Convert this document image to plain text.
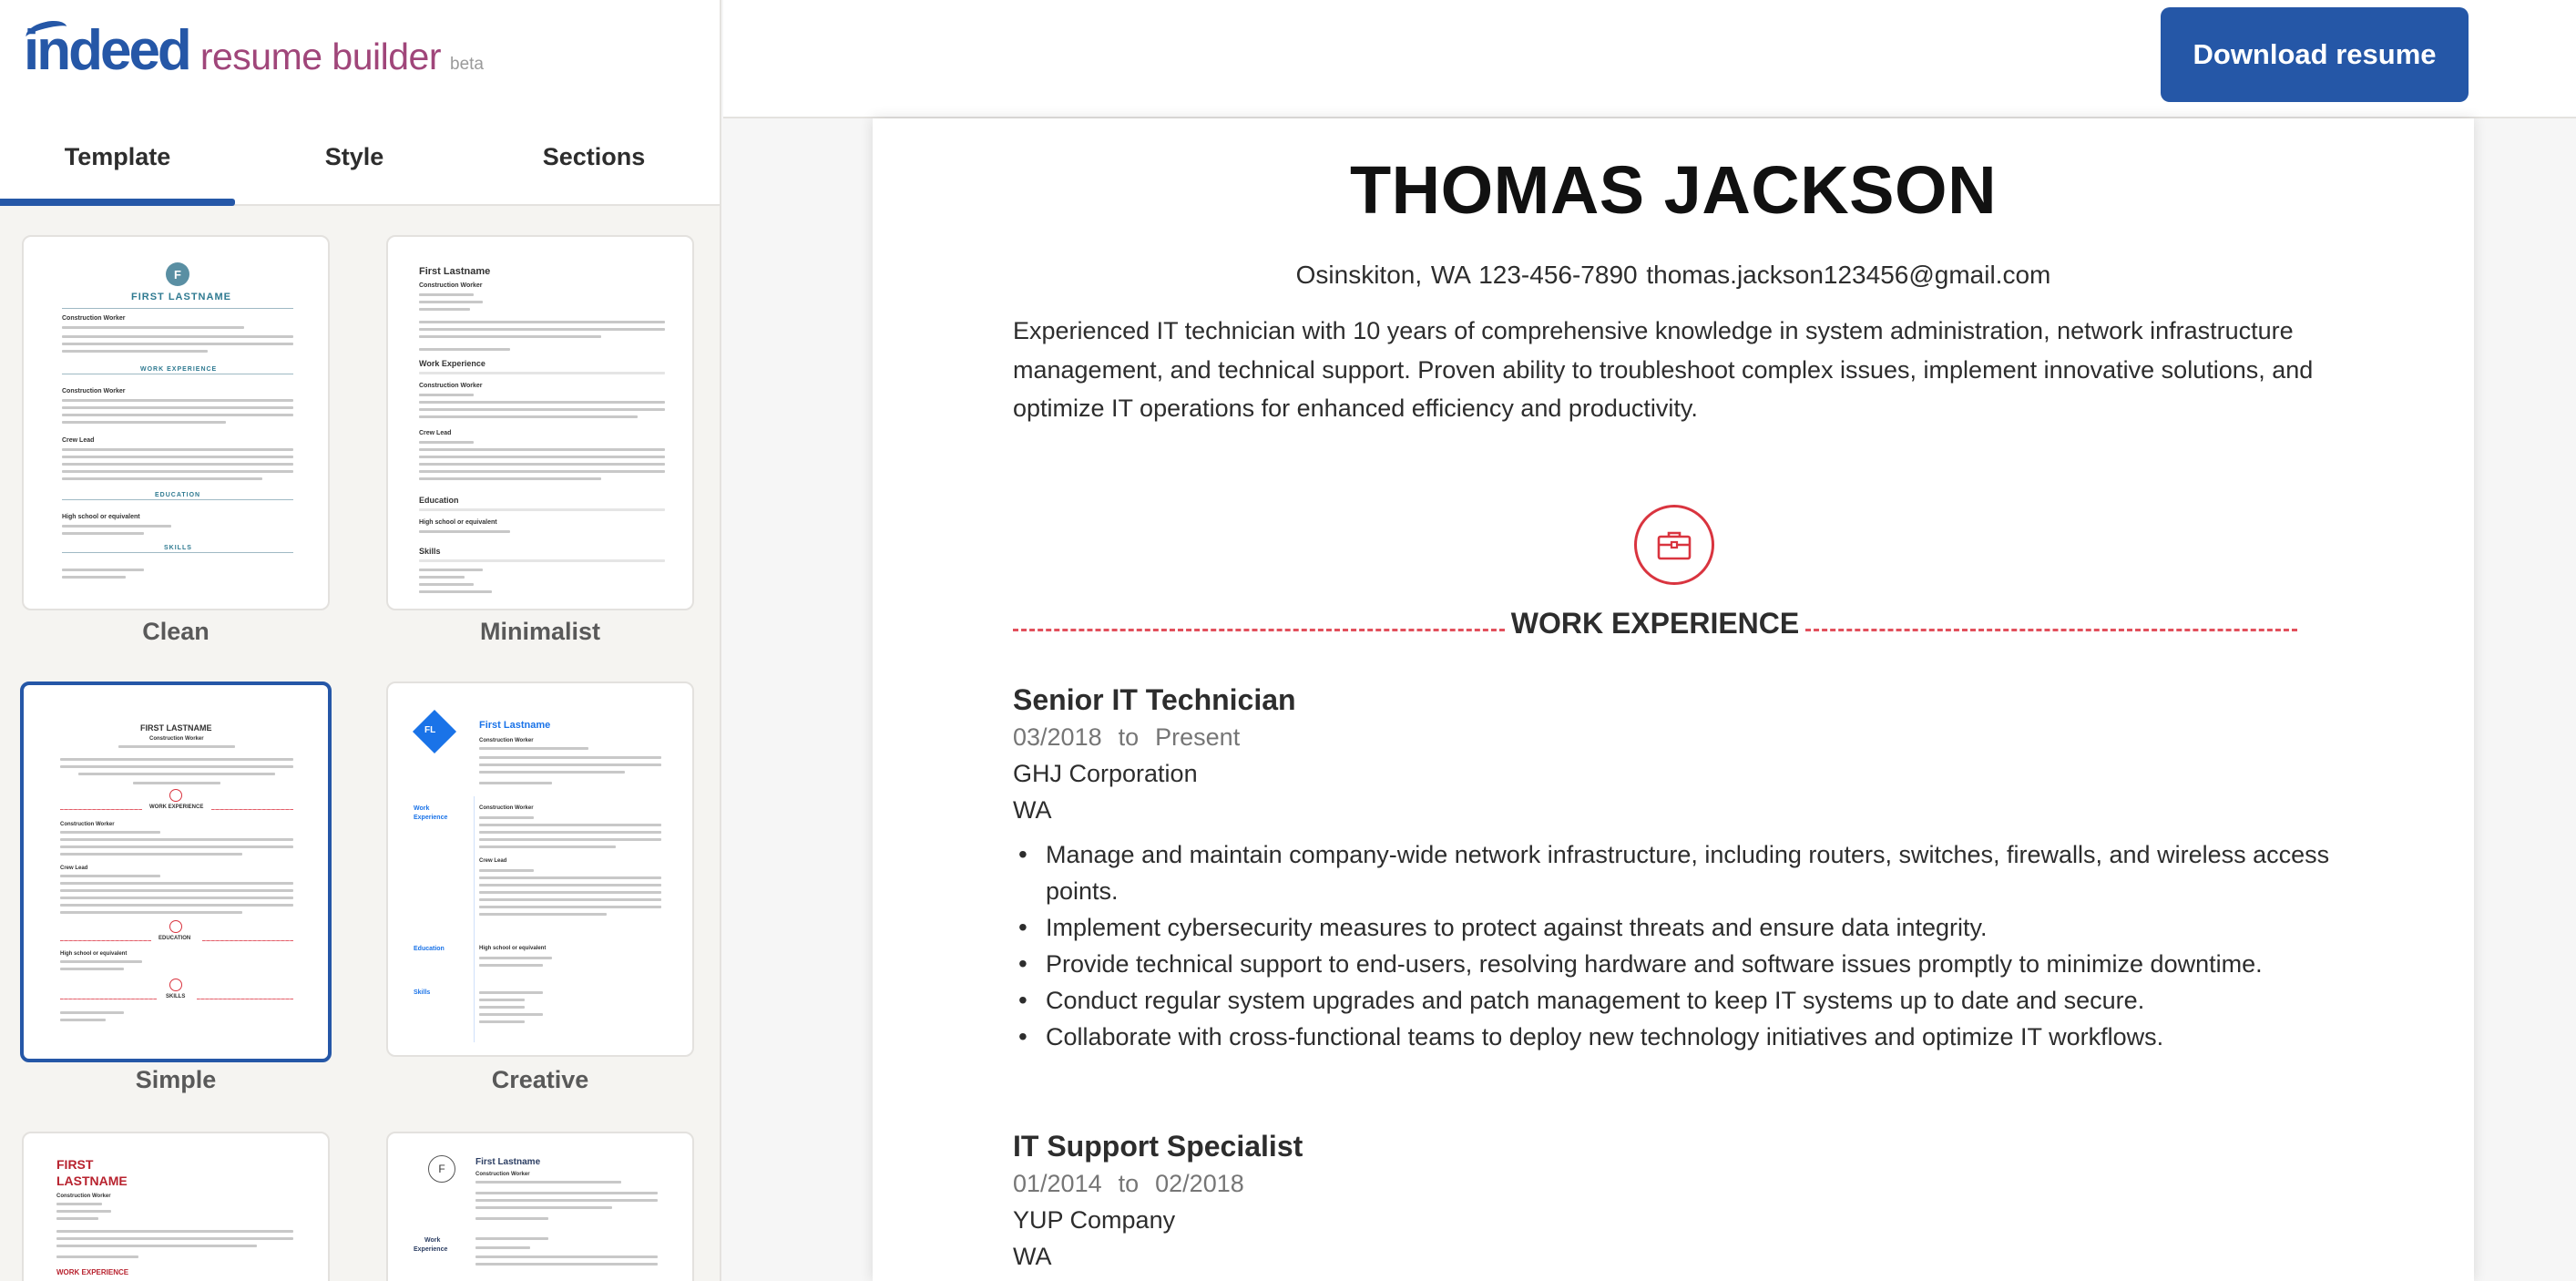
indeed resume builder beta
Template	Style	Sections
F
FIRST LASTNAME
Construction Worker
WORK EXPERIENCE
Construction Worker
Crew Lead
EDUCATION
High school or equivalent
SKILLS
Clean
First Lastname
Construction Worker
Work Experience
Construction Worker
Crew Lead
Education
High school or equivalent
Skills
Minimalist
FIRST LASTNAME
Construction Worker
WORK EXPERIENCE
Construction Worker
Crew Lead
EDUCATION
High school or equivalent
SKILLS
Simple
FL	First Lastname
Construction Worker
Work
Experience
Construction Worker
Crew Lead
Education	High school or equivalent
Skills
Creative
FIRST
LASTNAME
Construction Worker
WORK EXPERIENCE
F
First Lastname
Construction Worker
Work
Experience
Download resume
THOMAS JACKSON
Osinskiton, WA 123-456-7890 thomas.jackson123456@gmail.com

Experienced IT technician with 10 years of comprehensive knowledge in system administration, network infrastructure management, and technical support. Proven ability to troubleshoot complex issues, implement innovative solutions, and optimize IT operations for enhanced efficiency and productivity.

WORK EXPERIENCE
Senior IT Technician
03/2018 to Present
GHJ Corporation
WA
• Manage and maintain company-wide network infrastructure, including routers, switches, firewalls, and wireless access points.
• Implement cybersecurity measures to protect against threats and ensure data integrity.
• Provide technical support to end-users, resolving hardware and software issues promptly to minimize downtime.
• Conduct regular system upgrades and patch management to keep IT systems up to date and secure.
• Collaborate with cross-functional teams to deploy new technology initiatives and optimize IT workflows.
IT Support Specialist
01/2014 to 02/2018
YUP Company
WA
